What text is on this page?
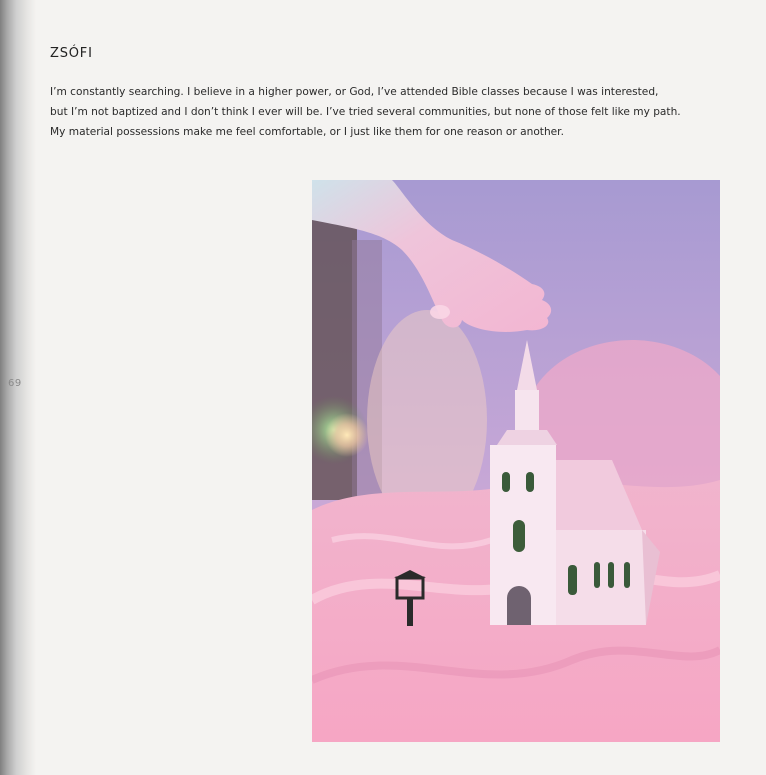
69
ZSÓFI
I’m constantly searching. I believe in a higher power, or God, I’ve attended Bible classes because I was interested,
but I’m not baptized and I don’t think I ever will be. I’ve tried several communities, but none of those felt like my path.
My material possessions make me feel comfortable, or I just like them for one reason or another.
